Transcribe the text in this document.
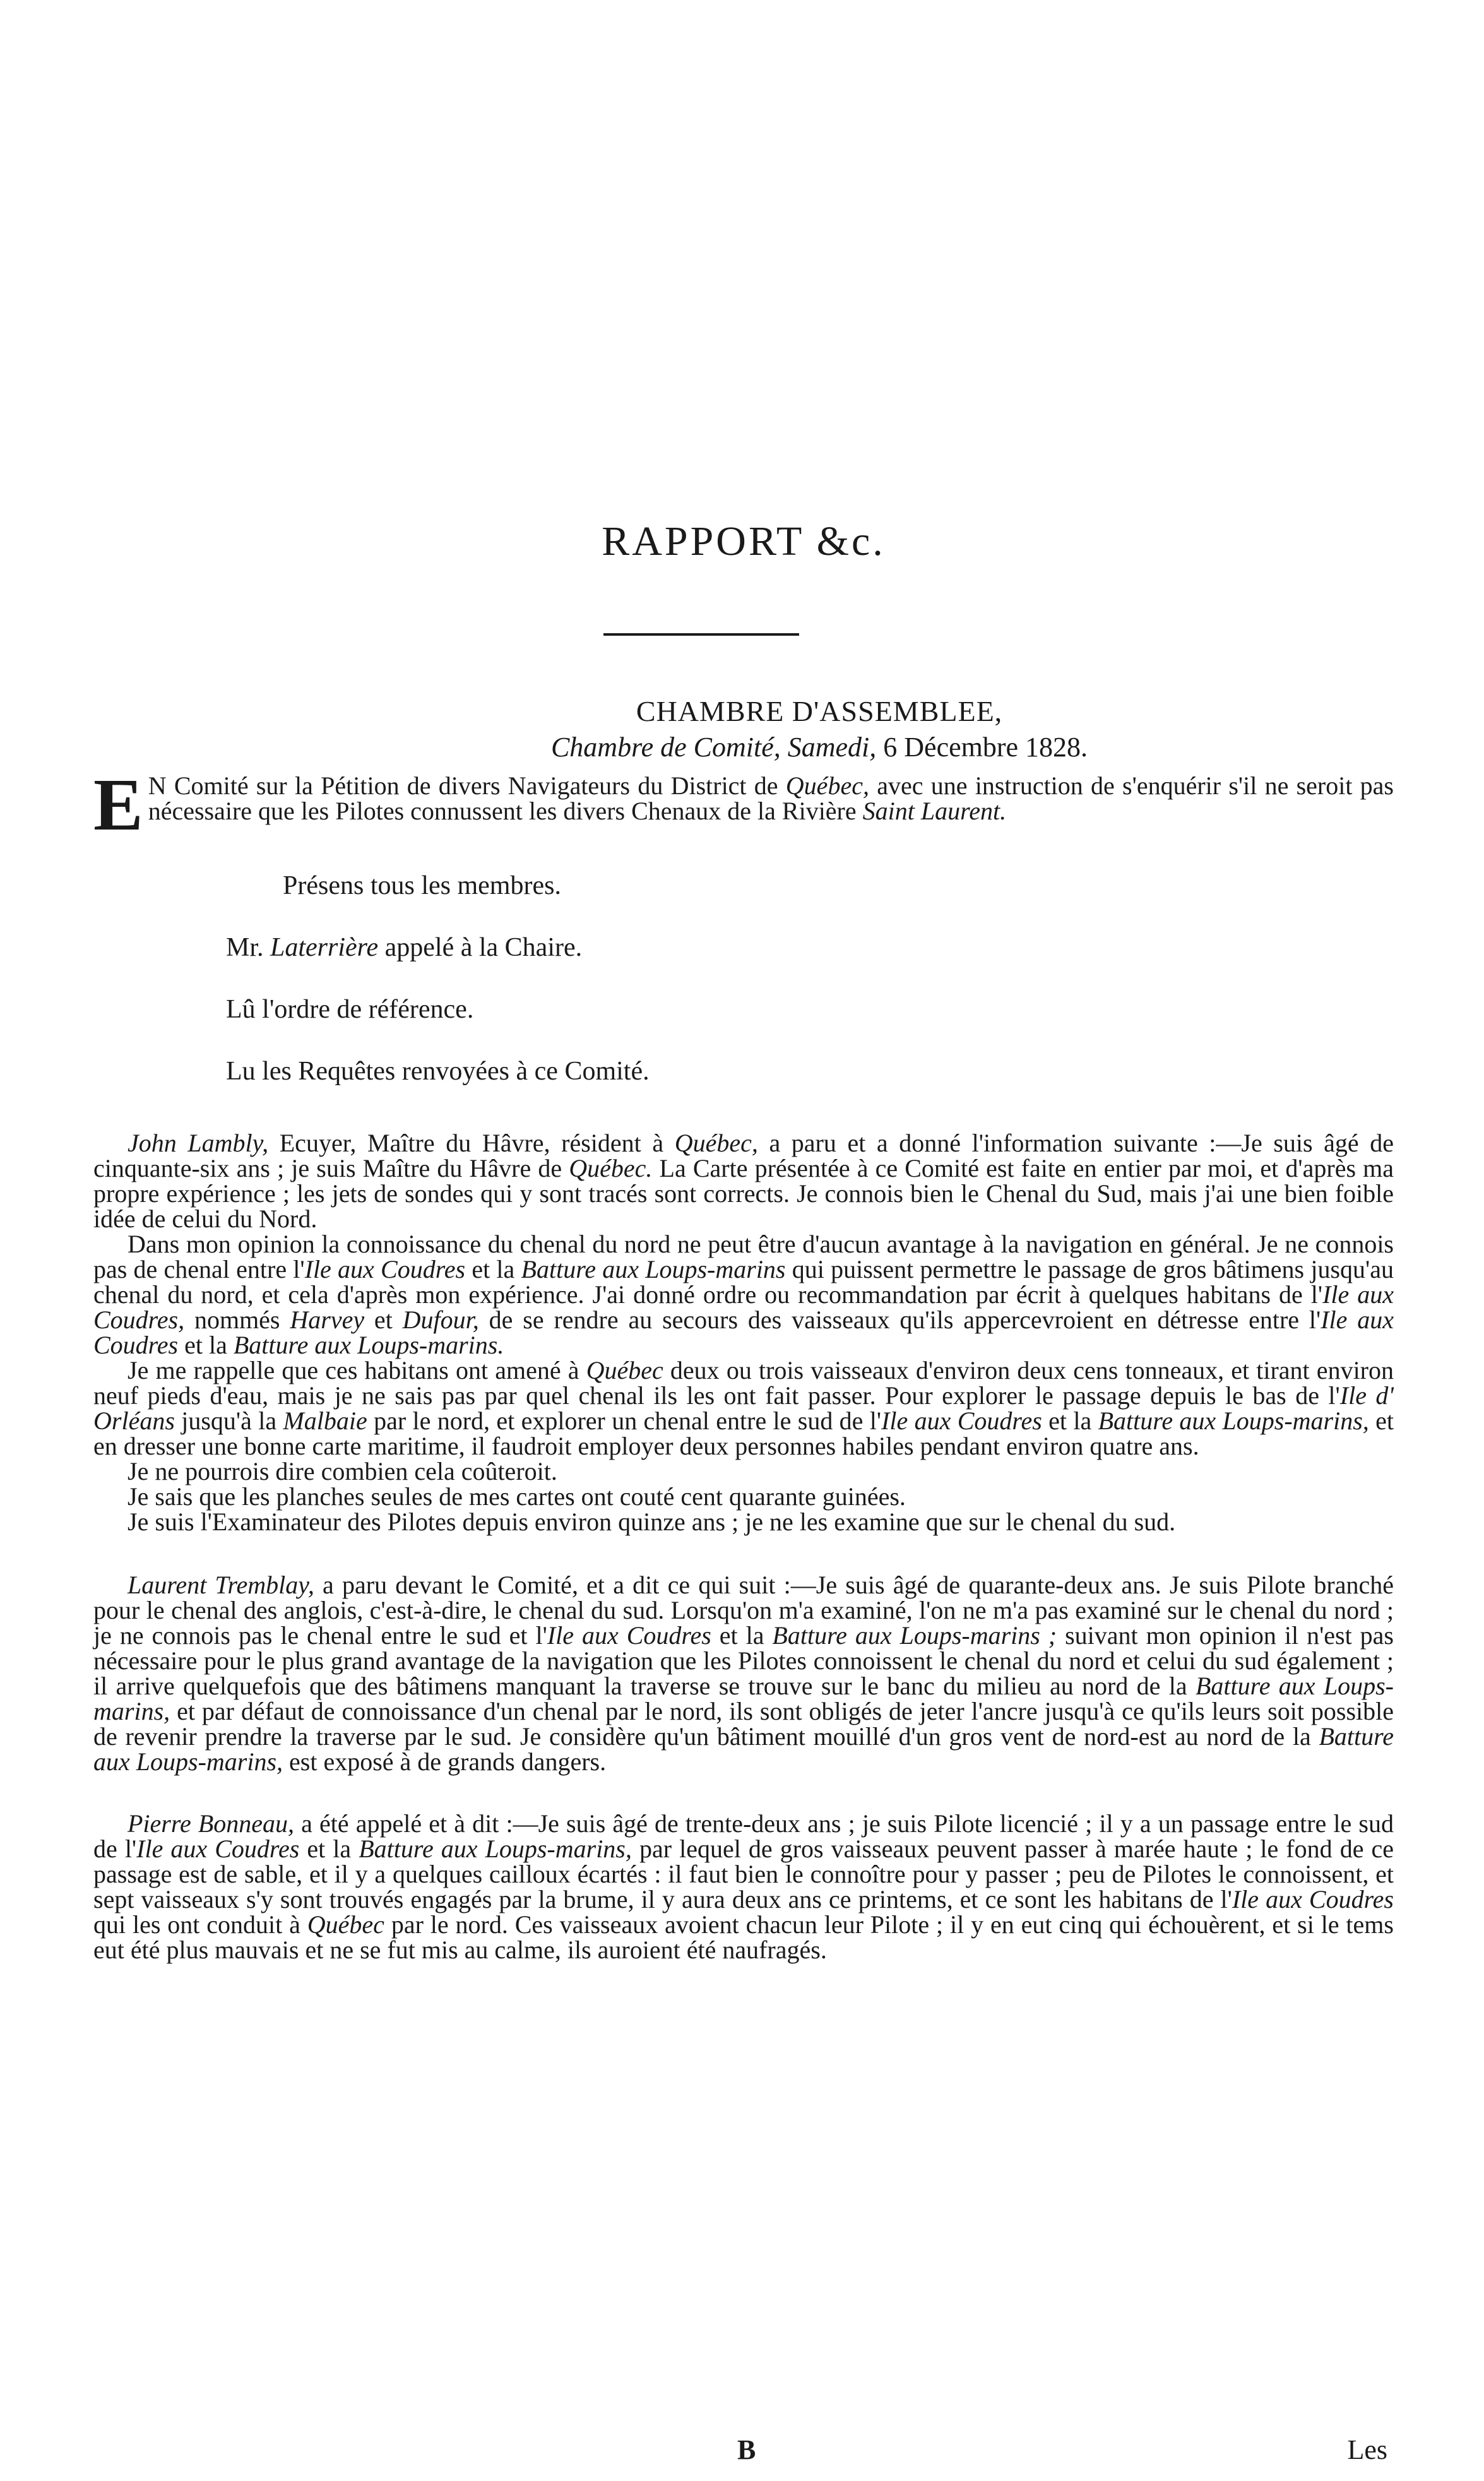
RAPPORT &c.
CHAMBRE D'ASSEMBLEE,
Chambre de Comité, Samedi, 6 Décembre 1828.

E N Comité sur la Pétition de divers Navigateurs du District de Québec, avec une instruction de s'enquérir s'il ne seroit pas nécessaire que les Pilotes connussent les divers Chenaux de la Rivière Saint Laurent.

Présens tous les membres.

Mr. Laterrière appelé à la Chaire.

Lû l'ordre de référence.

Lu les Requêtes renvoyées à ce Comité.

John Lambly, Ecuyer, Maître du Hâvre, résident à Québec, a paru et a donné l'information suivante :—Je suis âgé de cinquante-six ans ; je suis Maître du Hâvre de Québec. La Carte présentée à ce Comité est faite en entier par moi, et d'après ma propre expérience ; les jets de sondes qui y sont tracés sont corrects. Je connois bien le Chenal du Sud, mais j'ai une bien foible idée de celui du Nord.

Dans mon opinion la connoissance du chenal du nord ne peut être d'aucun avantage à la navigation en général. Je ne connois pas de chenal entre l'Ile aux Coudres et la Batture aux Loups-marins qui puissent permettre le passage de gros bâtimens jusqu'au chenal du nord, et cela d'après mon expérience. J'ai donné ordre ou recommandation par écrit à quelques habitans de l'Ile aux Coudres, nommés Harvey et Dufour, de se rendre au secours des vaisseaux qu'ils appercevroient en détresse entre l'Ile aux Coudres et la Batture aux Loups-marins.

Je me rappelle que ces habitans ont amené à Québec deux ou trois vaisseaux d'environ deux cens tonneaux, et tirant environ neuf pieds d'eau, mais je ne sais pas par quel chenal ils les ont fait passer. Pour explorer le passage depuis le bas de l'Ile d' Orléans jusqu'à la Malbaie par le nord, et explorer un chenal entre le sud de l'Ile aux Coudres et la Batture aux Loups-marins, et en dresser une bonne carte maritime, il faudroit employer deux personnes habiles pendant environ quatre ans.

Je ne pourrois dire combien cela coûteroit.

Je sais que les planches seules de mes cartes ont couté cent quarante guinées.

Je suis l'Examinateur des Pilotes depuis environ quinze ans ; je ne les examine que sur le chenal du sud.

Laurent Tremblay, a paru devant le Comité, et a dit ce qui suit :—Je suis âgé de quarante-deux ans. Je suis Pilote branché pour le chenal des anglois, c'est-à-dire, le chenal du sud. Lorsqu'on m'a examiné, l'on ne m'a pas examiné sur le chenal du nord ; je ne connois pas le chenal entre le sud et l'Ile aux Coudres et la Batture aux Loups-marins ; suivant mon opinion il n'est pas nécessaire pour le plus grand avantage de la navigation que les Pilotes connoissent le chenal du nord et celui du sud également ; il arrive quelquefois que des bâtimens manquant la traverse se trouve sur le banc du milieu au nord de la Batture aux Loups-marins, et par défaut de connoissance d'un chenal par le nord, ils sont obligés de jeter l'ancre jusqu'à ce qu'ils leurs soit possible de revenir prendre la traverse par le sud. Je considère qu'un bâtiment mouillé d'un gros vent de nord-est au nord de la Batture aux Loups-marins, est exposé à de grands dangers.

Pierre Bonneau, a été appelé et à dit :—Je suis âgé de trente-deux ans ; je suis Pilote licencié ; il y a un passage entre le sud de l'Ile aux Coudres et la Batture aux Loups-marins, par lequel de gros vaisseaux peuvent passer à marée haute ; le fond de ce passage est de sable, et il y a quelques cailloux écartés : il faut bien le connoître pour y passer ; peu de Pilotes le connoissent, et sept vaisseaux s'y sont trouvés engagés par la brume, il y aura deux ans ce printems, et ce sont les habitans de l'Ile aux Coudres qui les ont conduit à Québec par le nord. Ces vaisseaux avoient chacun leur Pilote ; il y en eut cinq qui échouèrent, et si le tems eut été plus mauvais et ne se fut mis au calme, ils auroient été naufragés.

B	Les
